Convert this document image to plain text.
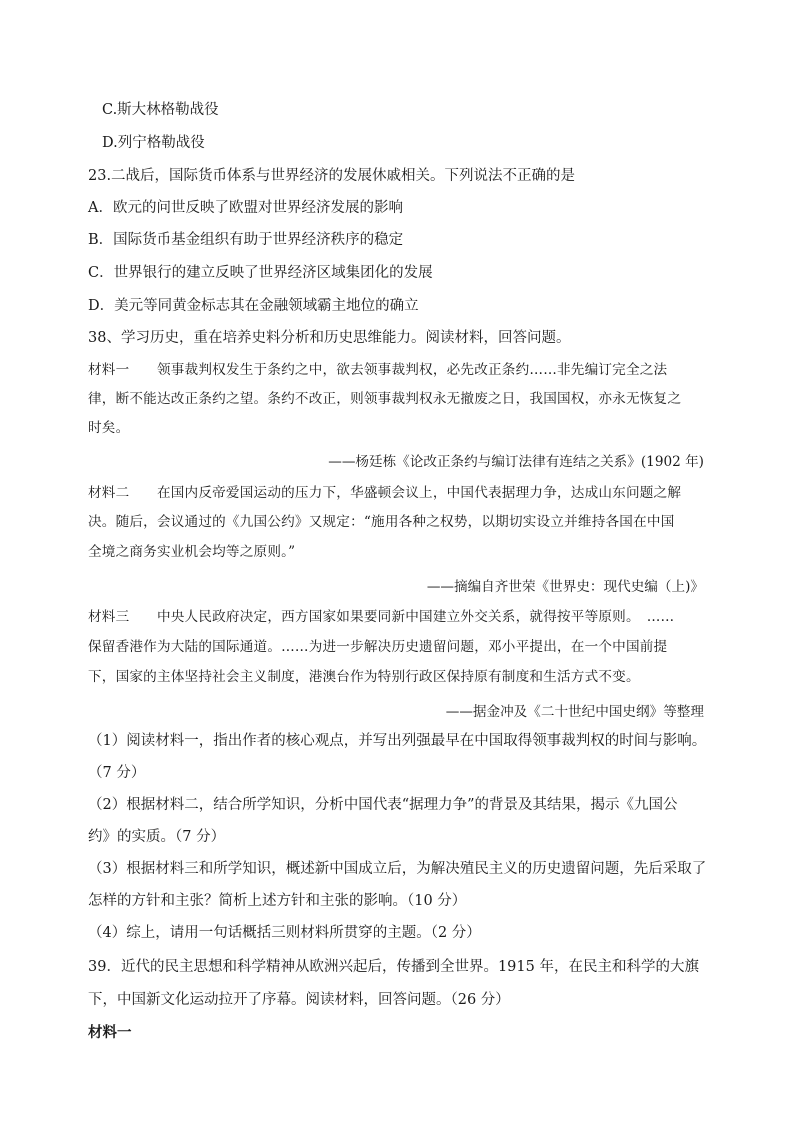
C.斯大林格勒战役
D.列宁格勒战役
23.二战后，国际货币体系与世界经济的发展休戚相关。下列说法不正确的是
A．欧元的问世反映了欧盟对世界经济发展的影响
B．国际货币基金组织有助于世界经济秩序的稳定
C．世界银行的建立反映了世界经济区域集团化的发展
D．美元等同黄金标志其在金融领域霸主地位的确立
38、学习历史，重在培养史料分析和历史思维能力。阅读材料，回答问题。
材料一　　领事裁判权发生于条约之中，欲去领事裁判权，必先改正条约……非先编订完全之法
律，断不能达改正条约之望。条约不改正，则领事裁判权永无撤废之日，我国国权，亦永无恢复之
时矣。
——杨廷栋《论改正条约与编订法律有连结之关系》(1902 年)
材料二　　在国内反帝爱国运动的压力下，华盛顿会议上，中国代表据理力争，达成山东问题之解
决。随后，会议通过的《九国公约》又规定：“施用各种之权势，以期切实设立并维持各国在中国
全境之商务实业机会均等之原则。”
——摘编自齐世荣《世界史：现代史编（上)》
材料三　　中央人民政府决定，西方国家如果要同新中国建立外交关系，就得按平等原则。　……
保留香港作为大陆的国际通道。……为进一步解决历史遗留问题，邓小平提出，在一个中国前提
下，国家的主体坚持社会主义制度，港澳台作为特别行政区保持原有制度和生活方式不变。
——据金冲及《二十世纪中国史纲》等整理
（1）阅读材料一，指出作者的核心观点，并写出列强最早在中国取得领事裁判权的时间与影响。
（7 分）
（2）根据材料二，结合所学知识，分析中国代表“据理力争”的背景及其结果，揭示《九国公
约》的实质。（7 分）
（3）根据材料三和所学知识，概述新中国成立后，为解决殖民主义的历史遗留问题，先后采取了
怎样的方针和主张？简析上述方针和主张的影响。（10 分）
（4）综上，请用一句话概括三则材料所贯穿的主题。（2 分）
39．近代的民主思想和科学精神从欧洲兴起后，传播到全世界。1915 年，在民主和科学的大旗
下，中国新文化运动拉开了序幕。阅读材料，回答问题。（26 分）
材料一
